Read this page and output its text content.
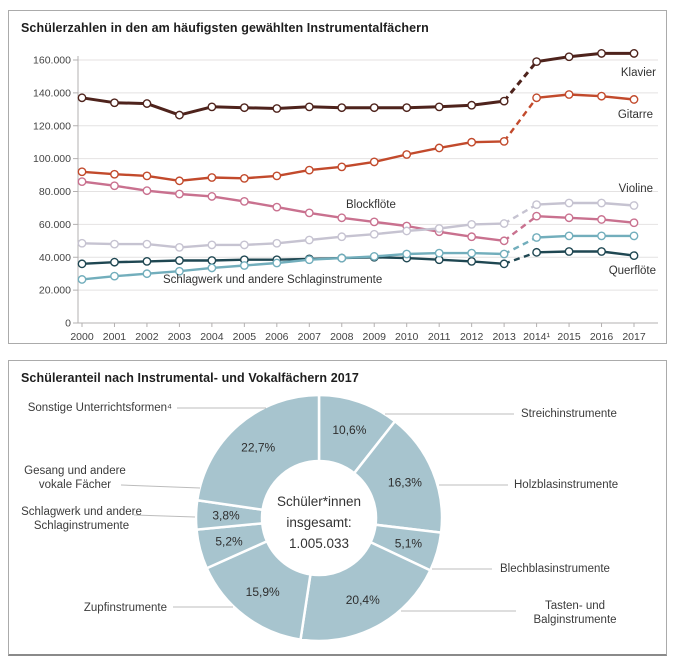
Schülerzahlen in den am häufigsten gewählten Instrumentalfächern
0
20.000
40.000
60.000
80.000
100.000
120.000
140.000
160.000
2000 2001 2002 2003 2004 2005 2006 2007 2008 2009 2010 2011 2012 2013 2014¹ 2015 2016 2017
Klavier
Gitarre
Blockflöte
Violine
Querflöte
Schlagwerk und andere Schlaginstrumente
Schüleranteil nach Instrumental- und Vokalfächern 2017
10,6%
16,3%
5,1%
20,4%
15,9%
5,2%
3,8%
22,7%
Schüler*innen
insgesamt:
1.005.033
Sonstige Unterrichtsformen⁴
Gesang und andere vokale Fächer
Schlagwerk und andere Schlaginstrumente
Zupfinstrumente
Streichinstrumente
Holzblasinstrumente
Blechblasinstrumente
Tasten- und Balginstrumente
